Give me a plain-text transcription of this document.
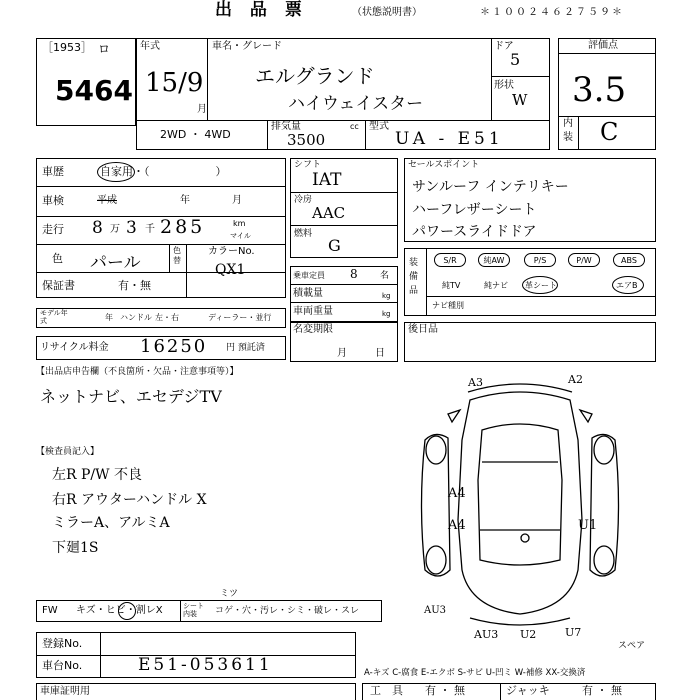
出 品 票	（状態説明書）	＊１００２４６２７５９＊
［1953］ ロ
5464
年式
15/9
月
車名・グレード
エルグランド
ハイウェイスター
ドア
5
形状
W
2WD ・ 4WD
排気量	cc
3500
型式
UA - E51
評価点
3.5
内装 C
車歴	自家用・（　　　　　　）
車検	平成	年	月
走行 8 万 3 千 285	km
マイル
色 パール
色替
カラーNo.
QX1
保証書	有・無
モデル年式	年 ハンドル 左・右	ディーラー・並行
リサイクル料金 16250 円 預託済
シフト
IAT
冷房
AAC
燃料
G
乗車定員 8 名
積載量	kg
車両重量	kg
名変期限
月	日
セールスポイント
サンルーフ インテリキー
ハーフレザーシート
パワースライドドア
装備品
S/R	純AW	P/S	P/W	ABS
純TV	純ナビ 革シート	エアB
ナビ種別
後日品
【出品店申告欄（不良箇所・欠品・注意事項等）】
ネットナビ、エセデジTV
【検査員記入】
左R P/W 不良
右R アウターハンドル X
ミラーA、アルミA
下廻1S
A3	A2
A4
A4	U1
AU3
AU3 U2	U7
スペア
FW キズ・ヒビ・割レX	シート内装	コゲ・穴・汚レ・シミ・破レ・スレ
ミツ
登録No.
車台No.	E51-053611	A-キズ C-腐食 E-エクボ S-サビ U-凹ミ W-補修 XX-交換済
車庫証明用	工　具 有 ・ 無	ジャッキ	有 ・ 無
